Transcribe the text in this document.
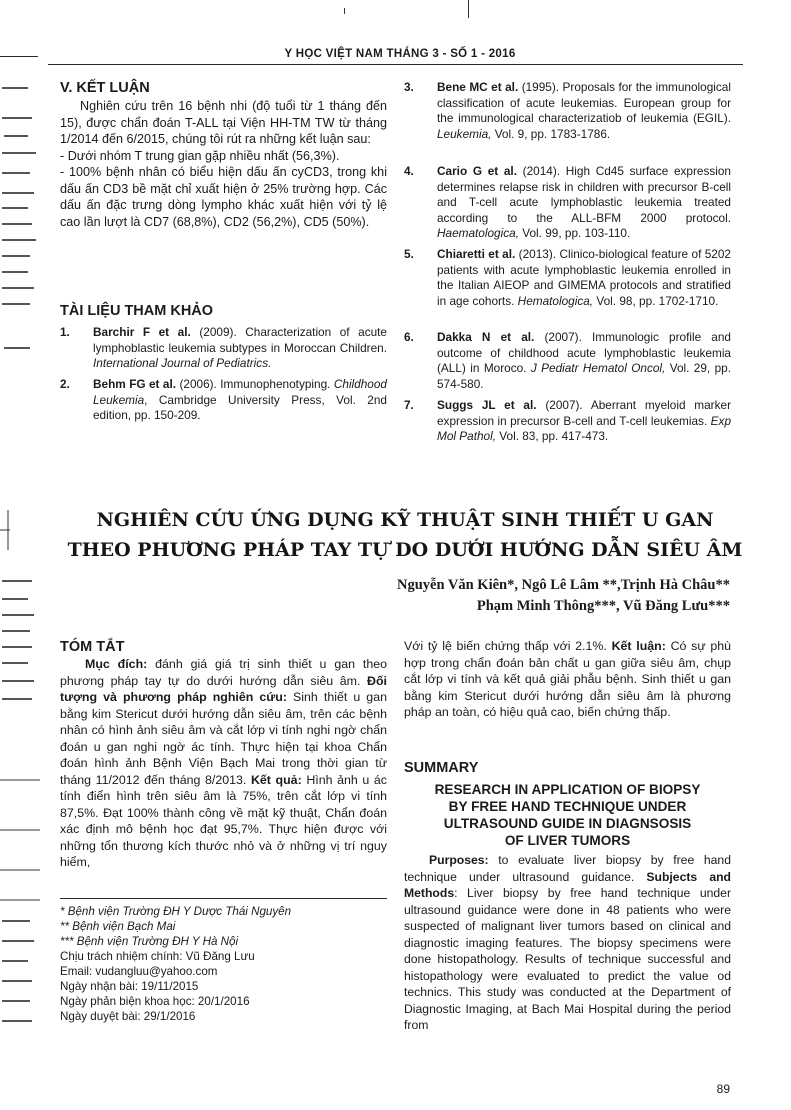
Y HỌC VIỆT NAM THÁNG 3 - SỐ 1 - 2016
V. KẾT LUẬN

Nghiên cứu trên 16 bệnh nhi (độ tuổi từ 1 tháng đến 15), được chẩn đoán T-ALL tại Viện HH-TM TW từ tháng 1/2014 đến 6/2015, chúng tôi rút ra những kết luận sau:

- Dưới nhóm T trung gian gặp nhiều nhất (56,3%).

- 100% bệnh nhân có biểu hiện dấu ấn cyCD3, trong khi dấu ấn CD3 bề mặt chỉ xuất hiện ở 25% trường hợp. Các dấu ấn đặc trưng dòng lympho khác xuất hiện với tỷ lệ cao lần lượt là CD7 (68,8%), CD2 (56,2%), CD5 (50%).

TÀI LIỆU THAM KHẢO
1. Barchir F et al. (2009). Characterization of acute lymphoblastic leukemia subtypes in Moroccan Children. International Journal of Pediatrics.
2. Behm FG et al. (2006). Immunophenotyping. Childhood Leukemia, Cambridge University Press, Vol. 2nd edition, pp. 150-209.
3. Bene MC et al. (1995). Proposals for the immunological classification of acute leukemias. European group for the immunological characterizatiob of leukemia (EGIL). Leukemia, Vol. 9, pp. 1783-1786.
4. Cario G et al. (2014). High Cd45 surface expression determines relapse risk in children with precursor B-cell and T-cell acute lymphoblastic leukemia treated according to the ALL-BFM 2000 protocol. Haematologica, Vol. 99, pp. 103-110.
5. Chiaretti et al. (2013). Clinico-biological feature of 5202 patients with acute lymphoblastic leukemia enrolled in the Italian AIEOP and GIMEMA protocols and stratified in age cohorts. Hematologica, Vol. 98, pp. 1702-1710.
6. Dakka N et al. (2007). Immunologic profile and outcome of childhood acute lymphoblastic leukemia (ALL) in Moroco. J Pediatr Hematol Oncol, Vol. 29, pp. 574-580.
7. Suggs JL et al. (2007). Aberrant myeloid marker expression in precursor B-cell and T-cell leukemias. Exp Mol Pathol, Vol. 83, pp. 417-473.
NGHIÊN CỨU ỨNG DỤNG KỸ THUẬT SINH THIẾT U GAN
THEO PHƯƠNG PHÁP TAY TỰ DO DƯỚI HƯỚNG DẪN SIÊU ÂM
Nguyễn Văn Kiên*, Ngô Lê Lâm **,Trịnh Hà Châu**
Phạm Minh Thông***, Vũ Đăng Lưu***
TÓM TẮT

Mục đích: đánh giá giá trị sinh thiết u gan theo phương pháp tay tự do dưới hướng dẫn siêu âm. Đối tượng và phương pháp nghiên cứu: Sinh thiết u gan bằng kim Stericut dưới hướng dẫn siêu âm, trên các bệnh nhân có hình ảnh siêu âm và cắt lớp vi tính nghi ngờ chẩn đoán u gan nghi ngờ ác tính. Thực hiện tại khoa Chẩn đoán hình ảnh Bệnh Viện Bạch Mai trong thời gian từ tháng 11/2012 đến tháng 8/2013. Kết quả: Hình ảnh u ác tính điển hình trên siêu âm là 75%, trên cắt lớp vi tính 87,5%. Đạt 100% thành công về mặt kỹ thuật, Chẩn đoán xác định mô bệnh học đạt 95,7%. Thực hiện được với những tổn thương kích thước nhỏ và ở những vị trí nguy hiểm,

* Bệnh viện Trường ĐH Y Dược Thái Nguyên
** Bệnh viện Bạch Mai
*** Bệnh viện Trường ĐH Y Hà Nội
Chịu trách nhiệm chính: Vũ Đăng Lưu
Email: vudangluu@yahoo.com
Ngày nhận bài: 19/11/2015
Ngày phản biện khoa học: 20/1/2016
Ngày duyệt bài: 29/1/2016

Với tỷ lệ biến chứng thấp với 2.1%. Kết luận: Có sự phù hợp trong chẩn đoán bản chất u gan giữa siêu âm, chụp cắt lớp vi tính và kết quả giải phẫu bệnh. Sinh thiết u gan bằng kim Stericut dưới hướng dẫn siêu âm là phương pháp an toàn, có hiệu quả cao, biến chứng thấp.

SUMMARY
RESEARCH IN APPLICATION OF BIOPSY
BY FREE HAND TECHNIQUE UNDER
ULTRASOUND GUIDE IN DIAGNSOSIS
OF LIVER TUMORS

Purposes: to evaluate liver biopsy by free hand technique under ultrasound guidance. Subjects and Methods: Liver biopsy by free hand technique under ultrasound guidance were done in 48 patients who were suspected of malignant liver tumors based on clinical and diagnostic imaging features. The biopsy specimens were done histopathology. Results of technique successful and histopathology were evaluated to predict the value od technics. This study was conducted at the Department of Diagnostic Imaging, at Bach Mai Hospital during the period from

89
